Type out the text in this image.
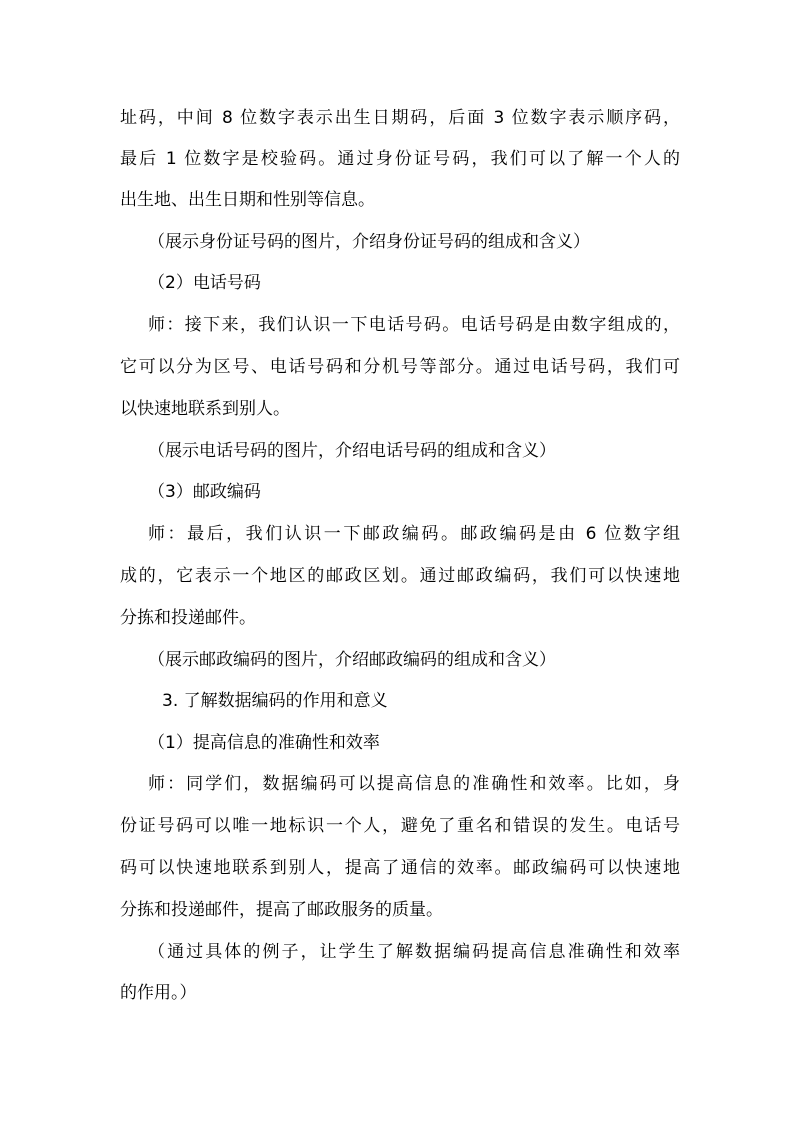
址码，中间 8 位数字表示出生日期码，后面 3 位数字表示顺序码，
最后 1 位数字是校验码。通过身份证号码，我们可以了解一个人的
出生地、出生日期和性别等信息。
（展示身份证号码的图片，介绍身份证号码的组成和含义）
（2）电话号码
师：接下来，我们认识一下电话号码。电话号码是由数字组成的，
它可以分为区号、电话号码和分机号等部分。通过电话号码，我们可
以快速地联系到别人。
（展示电话号码的图片，介绍电话号码的组成和含义）
（3）邮政编码
师：最后，我们认识一下邮政编码。邮政编码是由 6 位数字组
成的，它表示一个地区的邮政区划。通过邮政编码，我们可以快速地
分拣和投递邮件。
（展示邮政编码的图片，介绍邮政编码的组成和含义）
3. 了解数据编码的作用和意义
（1）提高信息的准确性和效率
师：同学们，数据编码可以提高信息的准确性和效率。比如，身
份证号码可以唯一地标识一个人，避免了重名和错误的发生。电话号
码可以快速地联系到别人，提高了通信的效率。邮政编码可以快速地
分拣和投递邮件，提高了邮政服务的质量。
（通过具体的例子，让学生了解数据编码提高信息准确性和效率
的作用。）
